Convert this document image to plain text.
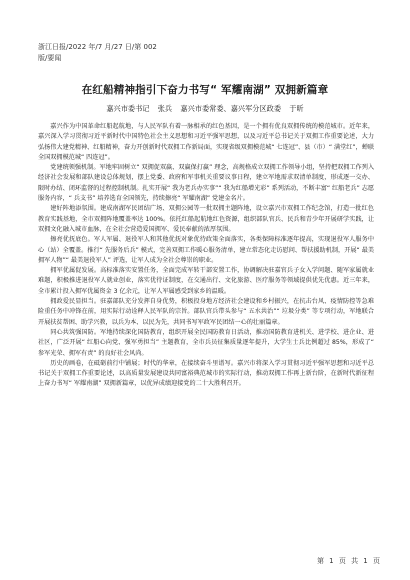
浙江日报/2022 年/7 月/27 日/第 002
版/要闻
在红船精神指引下奋力书写“ 军耀南湖” 双拥新篇章
嘉兴市委书记 张兵 嘉兴市委常委、嘉兴军分区政委 于昕

嘉兴作为中国革命红船起航地，与人民军队有着一脉相承的红色基因，是一个拥有优良双拥传统的模范城市。近年来，嘉兴深入学习贯彻习近平新时代中国特色社会主义思想和习近平强军思想，以及习近平总书记关于双拥工作重要论述，大力弘扬伟大建党精神、红船精神，奋力开创新时代双拥工作新局面，实现省级双拥模范城“ 七连冠”、县（市）“ 满堂红”，蝉联全国双拥模范城“ 四连冠”。

党建统领强机制。军地牢固树立“ 双拥促双赢、双赢保打赢” 理念，高规格成立双拥工作领导小组，坚持把双拥工作列入经济社会发展和部队建设总体规划，摆上党委、政府和军事机关重要议事日程，建立军地需求双清单制度，形成逐一交办、限时办结、闭环监督的过程控制机制。扎实开展“ 我为老兵办实事”“ 我为红船增光彩” 系列活动，不断丰富“ 红船老兵” 志愿服务内容，“ 兵支书” 培养选育全国领先，持续擦亮“ 军耀南湖” 党建金名片。

建好阵地添氛围。建成南湖军民团结广场、双拥公园等一批双拥主题阵地，设立嘉兴市双拥工作纪念馆，打造一批红色教育实践基地，全市双拥阵地覆盖率达 100%。依托红船起航地红色资源，组织部队官兵、民兵和青少年开展研学实践，让双拥文化融入城市血脉，在全社会营造爱国拥军、爱民奉献的浓厚氛围。

擦亮优抚底色。军人军属、退役军人和其他优抚对象优待政策全面落实，各类保障标准逐年提高，实现退役军人服务中心（站）全覆盖。推行“ 先服务后兵” 模式，完善双拥工作暖心服务清单，建立常态化走访慰问、帮扶援助机制，开展“ 最美拥军人物”“ 最美退役军人” 评选，让军人成为全社会尊崇的职业。

拥军优属促发展。高标准落实安置任务，全面完成军转干部安置工作，协调解决驻嘉官兵子女入学问题、随军家属就业难题，积极推进退役军人就业创业，落实优待证制度，在交通出行、文化旅游、医疗服务等领域提供优先优惠。近三年来，全市累计投入拥军优属资金 3 亿余元，让军人军属感受到家乡的温暖。

拥政爱民显担当。驻嘉部队充分发挥自身优势，积极投身地方经济社会建设和乡村振兴，在抗击台风、疫情防控等急难险重任务中冲锋在前，用实际行动诠释人民军队的宗旨。部队官兵带头参与“ 五水共治”“ 垃圾分类” 等专项行动，军地联合开展扶贫帮困、助学兴教，以兵为本、以民为先，共同书写军政军民团结一心的壮丽篇章。

同心共筑强国防。军地持续深化国防教育，组织开展全民国防教育日活动，推动国防教育进机关、进学校、进企业、进社区，广泛开展“ 红船心向党、强军勇担当” 主题教育，全市兵员征集质量逐年提升，大学生士兵比例超过 85%，形成了“ 参军光荣、拥军有责” 的良好社会风尚。

历史的画卷，在砥砺前行中铺展；时代的华章，在接续奋斗里谱写。嘉兴市将深入学习贯彻习近平强军思想和习近平总书记关于双拥工作重要论述，以高质量发展建设共同富裕典范城市的实际行动，推动双拥工作再上新台阶，在新时代新征程上奋力书写“ 军耀南湖” 双拥新篇章，以优异成绩迎接党的二十大胜利召开。

第 1 页 共 1 页
